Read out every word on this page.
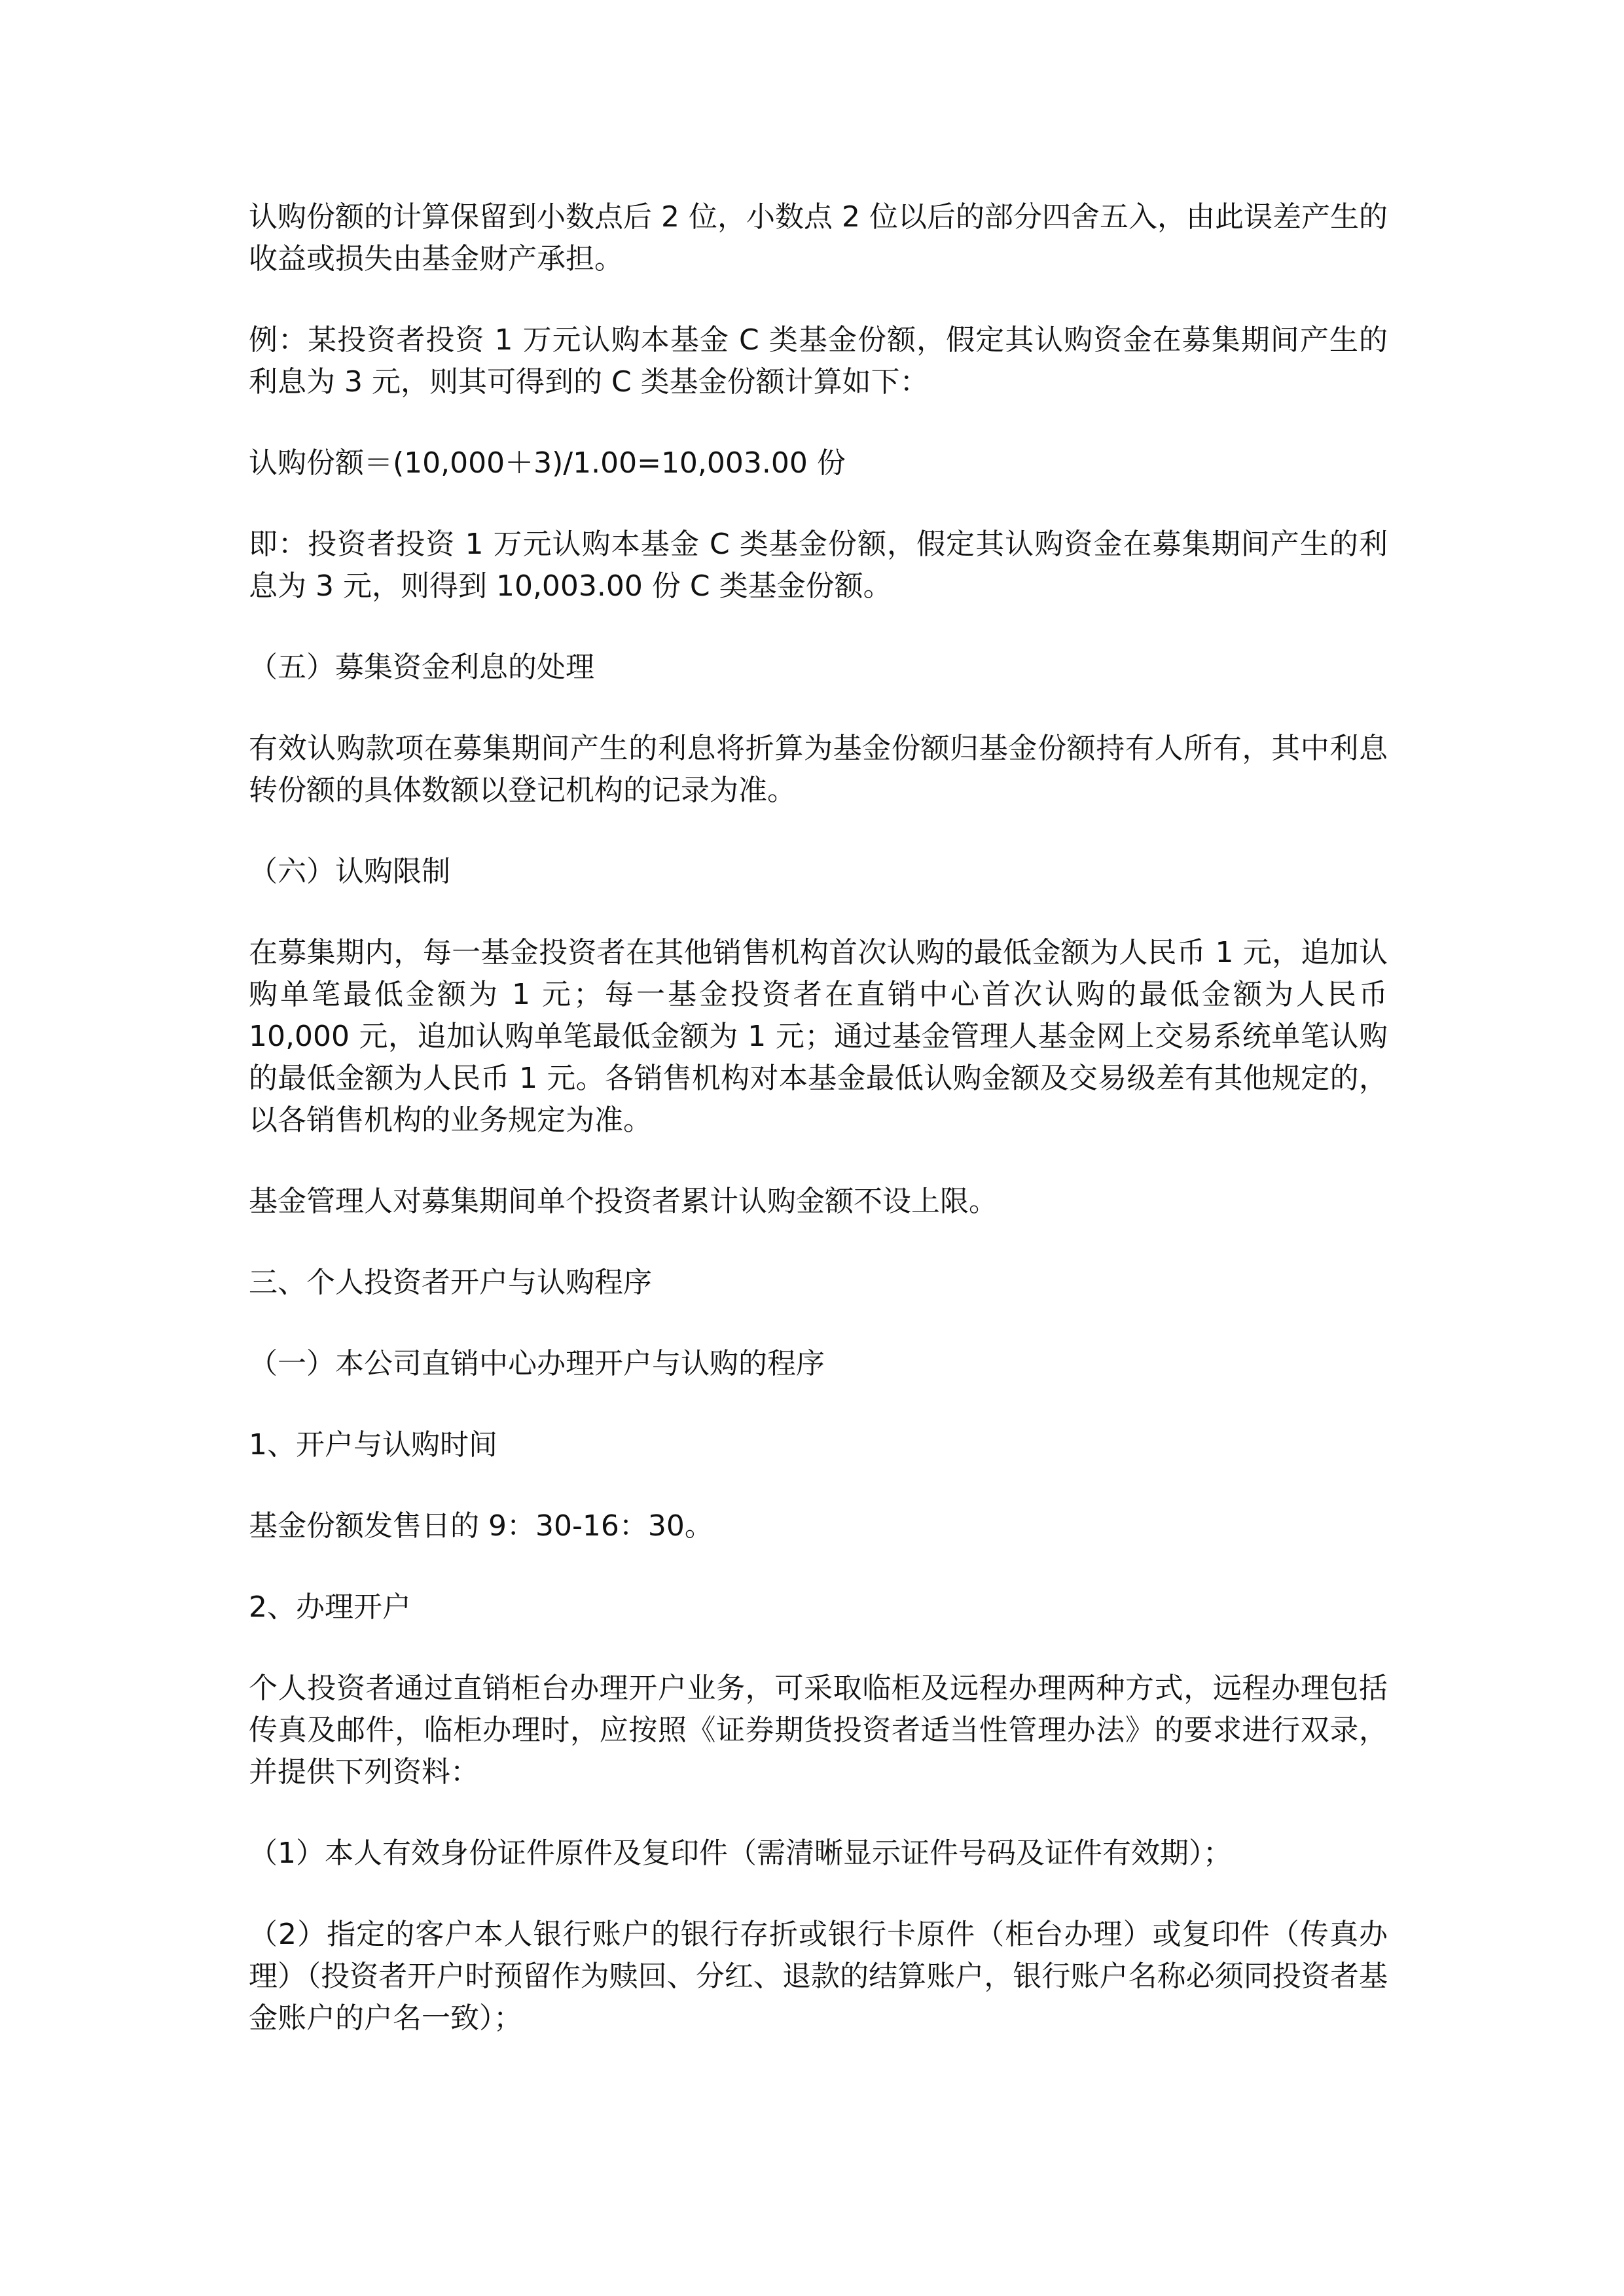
认购份额的计算保留到小数点后 2 位，小数点 2 位以后的部分四舍五入，由此误差产生的收益或损失由基金财产承担。

例：某投资者投资 1 万元认购本基金 C 类基金份额，假定其认购资金在募集期间产生的利息为 3 元，则其可得到的 C 类基金份额计算如下：

认购份额＝(10,000＋3)/1.00=10,003.00 份

即：投资者投资 1 万元认购本基金 C 类基金份额，假定其认购资金在募集期间产生的利息为 3 元，则得到 10,003.00 份 C 类基金份额。

（五）募集资金利息的处理

有效认购款项在募集期间产生的利息将折算为基金份额归基金份额持有人所有，其中利息转份额的具体数额以登记机构的记录为准。

（六）认购限制

在募集期内，每一基金投资者在其他销售机构首次认购的最低金额为人民币 1 元，追加认购单笔最低金额为 1 元；每一基金投资者在直销中心首次认购的最低金额为人民币 10,000 元，追加认购单笔最低金额为 1 元；通过基金管理人基金网上交易系统单笔认购的最低金额为人民币 1 元。各销售机构对本基金最低认购金额及交易级差有其他规定的，以各销售机构的业务规定为准。

基金管理人对募集期间单个投资者累计认购金额不设上限。

三、个人投资者开户与认购程序

（一）本公司直销中心办理开户与认购的程序

1、开户与认购时间

基金份额发售日的 9：30-16：30。

2、办理开户

个人投资者通过直销柜台办理开户业务，可采取临柜及远程办理两种方式，远程办理包括传真及邮件，临柜办理时，应按照《证券期货投资者适当性管理办法》的要求进行双录，并提供下列资料：

（1）本人有效身份证件原件及复印件（需清晰显示证件号码及证件有效期）；

（2）指定的客户本人银行账户的银行存折或银行卡原件（柜台办理）或复印件（传真办理）（投资者开户时预留作为赎回、分红、退款的结算账户，银行账户名称必须同投资者基金账户的户名一致）；
